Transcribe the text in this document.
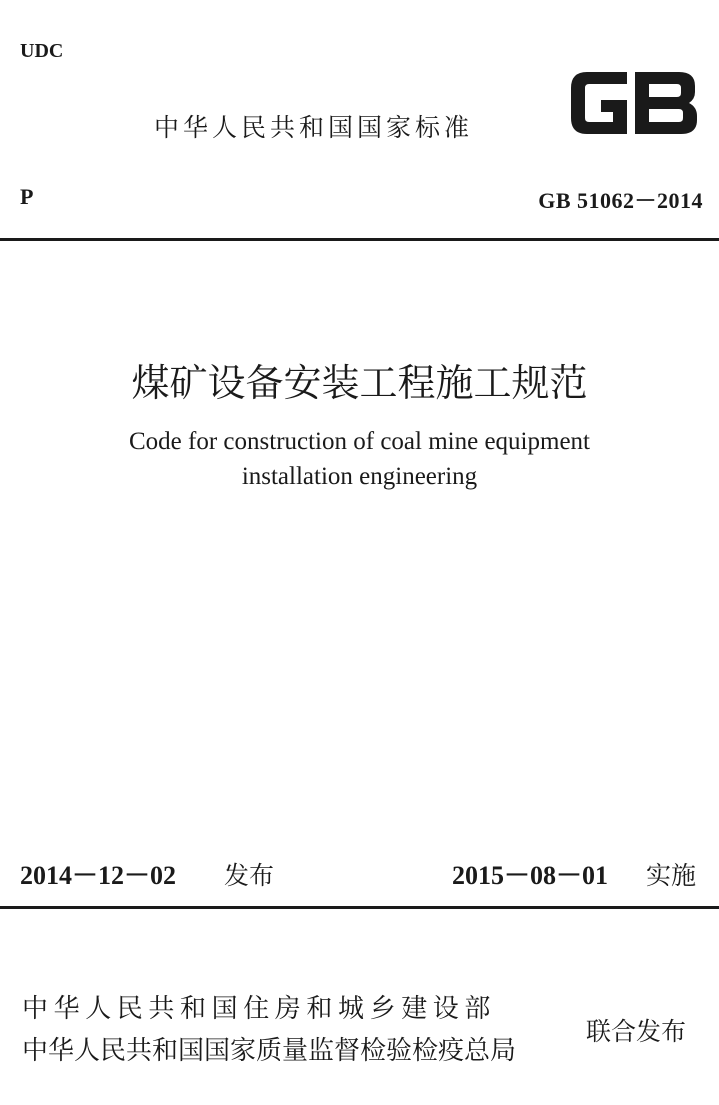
UDC
中华人民共和国国家标准
P	GB 51062－2014
煤矿设备安装工程施工规范
Code for construction of coal mine equipment
installation engineering
2014－12－02 发布	2015－08－01 实施
中华人民共和国住房和城乡建设部
中华人民共和国国家质量监督检验检疫总局
联合发布
